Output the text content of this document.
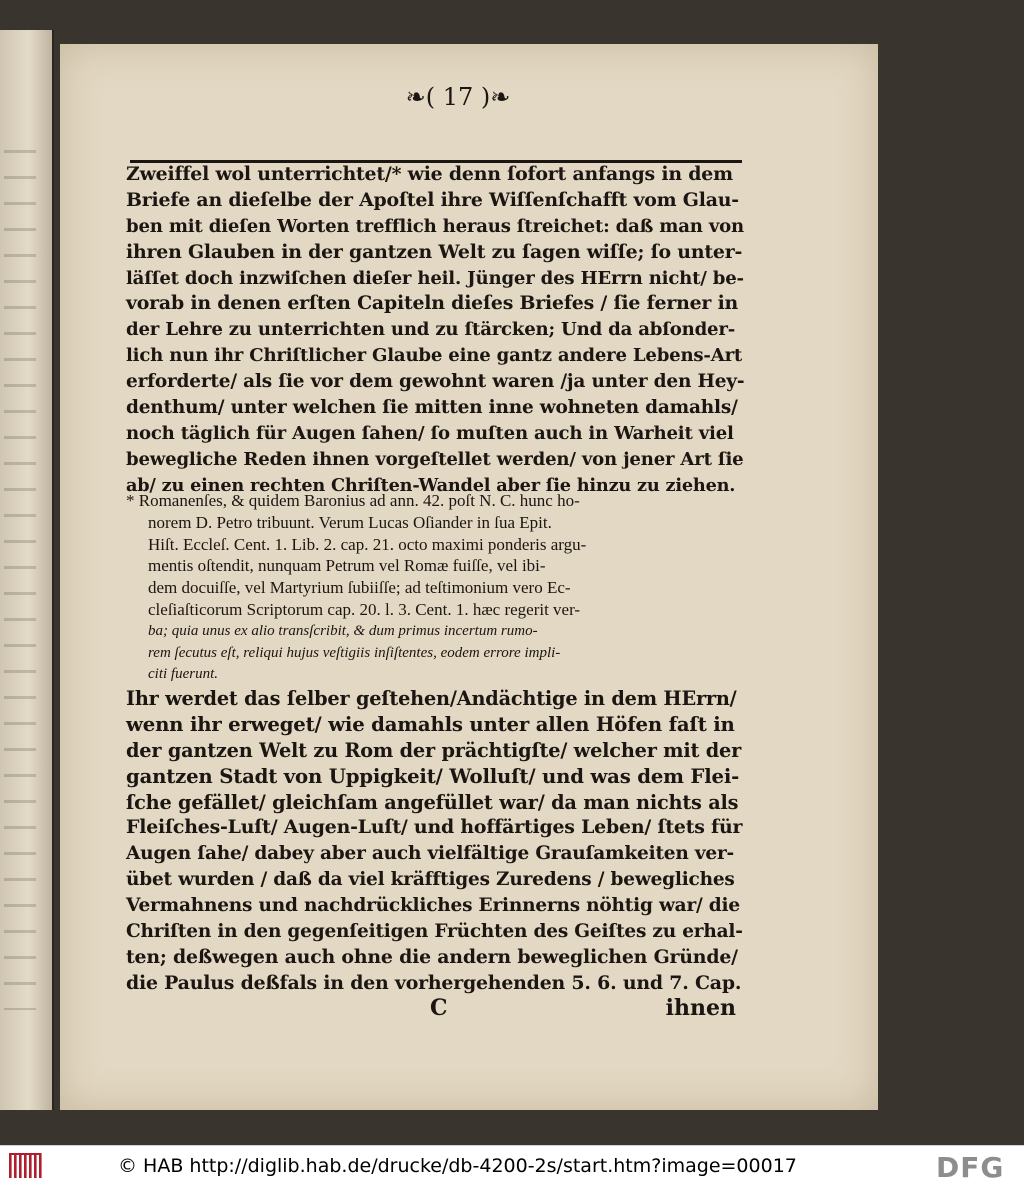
❧( 17 )❧
Zweiffel wol unterrichtet/* wie denn ſofort anfangs in dem
Briefe an dieſelbe der Apoſtel ihre Wiſſenſchafft vom Glau-
ben mit dieſen Worten trefflich heraus ſtreichet: daß man von
ihren Glauben in der gantzen Welt zu ſagen wiſſe; ſo unter-
läſſet doch inzwiſchen dieſer heil. Jünger des HErrn nicht/ be-
vorab in denen erſten Capiteln dieſes Briefes / ſie ferner in
der Lehre zu unterrichten und zu ſtärcken; Und da abſonder-
lich nun ihr Chriſtlicher Glaube eine gantz andere Lebens-Art
erforderte/ als ſie vor dem gewohnt waren /ja unter den Hey-
denthum/ unter welchen ſie mitten inne wohneten damahls/
noch täglich für Augen ſahen/ ſo muſten auch in Warheit viel
bewegliche Reden ihnen vorgeſtellet werden/ von jener Art ſie
ab/ zu einen rechten Chriſten-Wandel aber ſie hinzu zu ziehen.
* Romanenſes, & quidem Baronius ad ann. 42. poſt N. C. hunc ho-
norem D. Petro tribuunt. Verum Lucas Oſiander in ſua Epit.
Hiſt. Eccleſ. Cent. 1. Lib. 2. cap. 21. octo maximi ponderis argu-
mentis oſtendit, nunquam Petrum vel Romæ fuiſſe, vel ibi-
dem docuiſſe, vel Martyrium ſubiiſſe; ad teſtimonium vero Ec-
cleſiaſticorum Scriptorum cap. 20. l. 3. Cent. 1. hæc regerit ver-
ba; quia unus ex alio transſcribit, & dum primus incertum rumo-
rem ſecutus eſt, reliqui hujus veſtigiis inſiſtentes, eodem errore impli-
citi fuerunt.
Ihr werdet das ſelber geſtehen/Andächtige in dem HErrn/
wenn ihr erweget/ wie damahls unter allen Höfen faſt in
der gantzen Welt zu Rom der prächtigſte/ welcher mit der
gantzen Stadt von Uppigkeit/ Wolluſt/ und was dem Flei-
ſche gefället/ gleichſam angefüllet war/ da man nichts als
Fleiſches-Luſt/ Augen-Luſt/ und hoffärtiges Leben/ ſtets für
Augen ſahe/ dabey aber auch vielfältige Grauſamkeiten ver-
übet wurden / daß da viel kräfftiges Zuredens / bewegliches
Vermahnens und nachdrückliches Erinnerns nöhtig war/ die
Chriſten in den gegenſeitigen Früchten des Geiſtes zu erhal-
ten; deßwegen auch ohne die andern beweglichen Gründe/
die Paulus deßfals in den vorhergehenden 5. 6. und 7. Cap.
C	ihnen
© HAB http://diglib.hab.de/drucke/db-4200-2s/start.htm?image=00017	DFG
